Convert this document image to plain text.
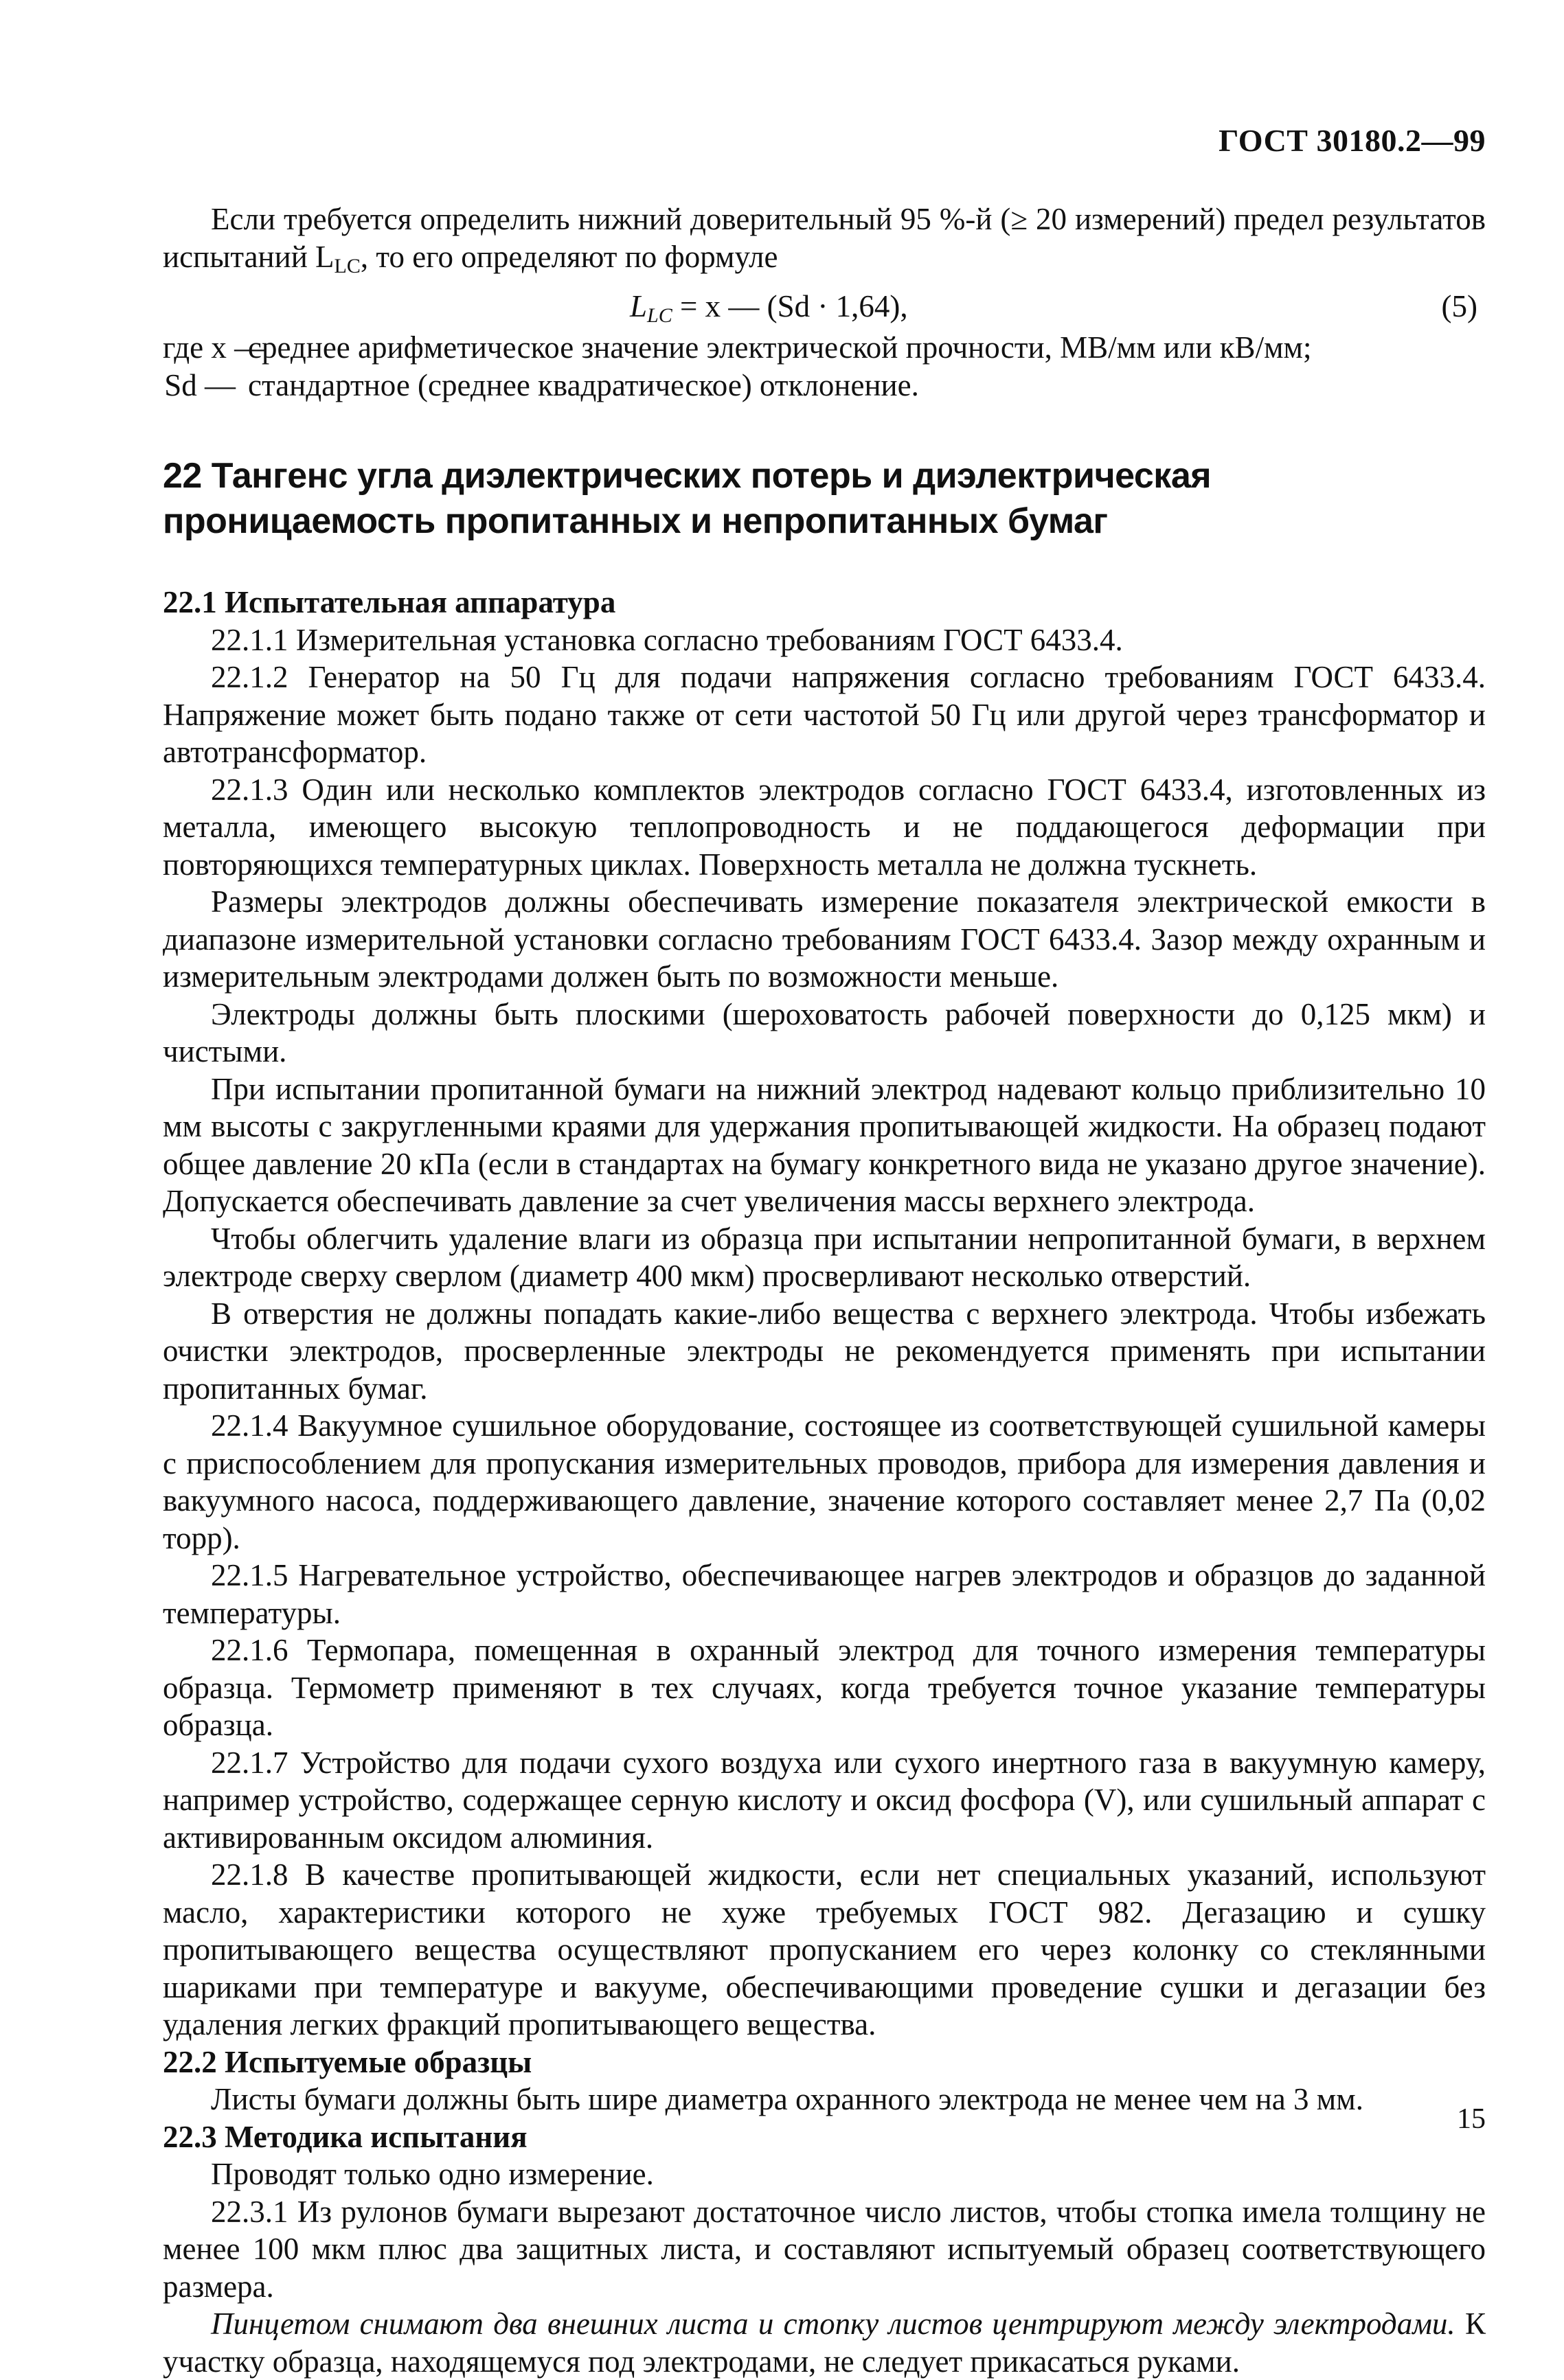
ГОСТ 30180.2—99

Если требуется определить нижний доверительный 95 %-й (≥ 20 измерений) предел результатов испытаний LLC, то его определяют по формуле

$L_{LC} = x$ — (Sd · 1,64),	(5)
где x —
среднее арифметическое значение электрической прочности, МВ/мм или кВ/мм;
Sd — стандартное (среднее квадратическое) отклонение.
22 Тангенс угла диэлектрических потерь и диэлектрическая проницаемость пропитанных и непропитанных бумаг

22.1 Испытательная аппаратура

22.1.1 Измерительная установка согласно требованиям ГОСТ 6433.4.

22.1.2 Генератор на 50 Гц для подачи напряжения согласно требованиям ГОСТ 6433.4. Напряжение может быть подано также от сети частотой 50 Гц или другой через трансформатор и автотрансформатор.

22.1.3 Один или несколько комплектов электродов согласно ГОСТ 6433.4, изготовленных из металла, имеющего высокую теплопроводность и не поддающегося деформации при повторяющихся температурных циклах. Поверхность металла не должна тускнеть.

Размеры электродов должны обеспечивать измерение показателя электрической емкости в диапазоне измерительной установки согласно требованиям ГОСТ 6433.4. Зазор между охранным и измерительным электродами должен быть по возможности меньше.

Электроды должны быть плоскими (шероховатость рабочей поверхности до 0,125 мкм) и чистыми.

При испытании пропитанной бумаги на нижний электрод надевают кольцо приблизительно 10 мм высоты с закругленными краями для удержания пропитывающей жидкости. На образец подают общее давление 20 кПа (если в стандартах на бумагу конкретного вида не указано другое значение). Допускается обеспечивать давление за счет увеличения массы верхнего электрода.

Чтобы облегчить удаление влаги из образца при испытании непропитанной бумаги, в верхнем электроде сверху сверлом (диаметр 400 мкм) просверливают несколько отверстий.

В отверстия не должны попадать какие-либо вещества с верхнего электрода. Чтобы избежать очистки электродов, просверленные электроды не рекомендуется применять при испытании пропитанных бумаг.

22.1.4 Вакуумное сушильное оборудование, состоящее из соответствующей сушильной камеры с приспособлением для пропускания измерительных проводов, прибора для измерения давления и вакуумного насоса, поддерживающего давление, значение которого составляет менее 2,7 Па (0,02 торр).

22.1.5 Нагревательное устройство, обеспечивающее нагрев электродов и образцов до заданной температуры.

22.1.6 Термопара, помещенная в охранный электрод для точного измерения температуры образца. Термометр применяют в тех случаях, когда требуется точное указание температуры образца.

22.1.7 Устройство для подачи сухого воздуха или сухого инертного газа в вакуумную камеру, например устройство, содержащее серную кислоту и оксид фосфора (V), или сушильный аппарат с активированным оксидом алюминия.

22.1.8 В качестве пропитывающей жидкости, если нет специальных указаний, используют масло, характеристики которого не хуже требуемых ГОСТ 982. Дегазацию и сушку пропитывающего вещества осуществляют пропусканием его через колонку со стеклянными шариками при температуре и вакууме, обеспечивающими проведение сушки и дегазации без удаления легких фракций пропитывающего вещества.

22.2 Испытуемые образцы

Листы бумаги должны быть шире диаметра охранного электрода не менее чем на 3 мм.

22.3 Методика испытания

Проводят только одно измерение.

22.3.1 Из рулонов бумаги вырезают достаточное число листов, чтобы стопка имела толщину не менее 100 мкм плюс два защитных листа, и составляют испытуемый образец соответствующего размера.

Пинцетом снимают два внешних листа и стопку листов центрируют между электродами. К участку образца, находящемуся под электродами, не следует прикасаться руками.

15
